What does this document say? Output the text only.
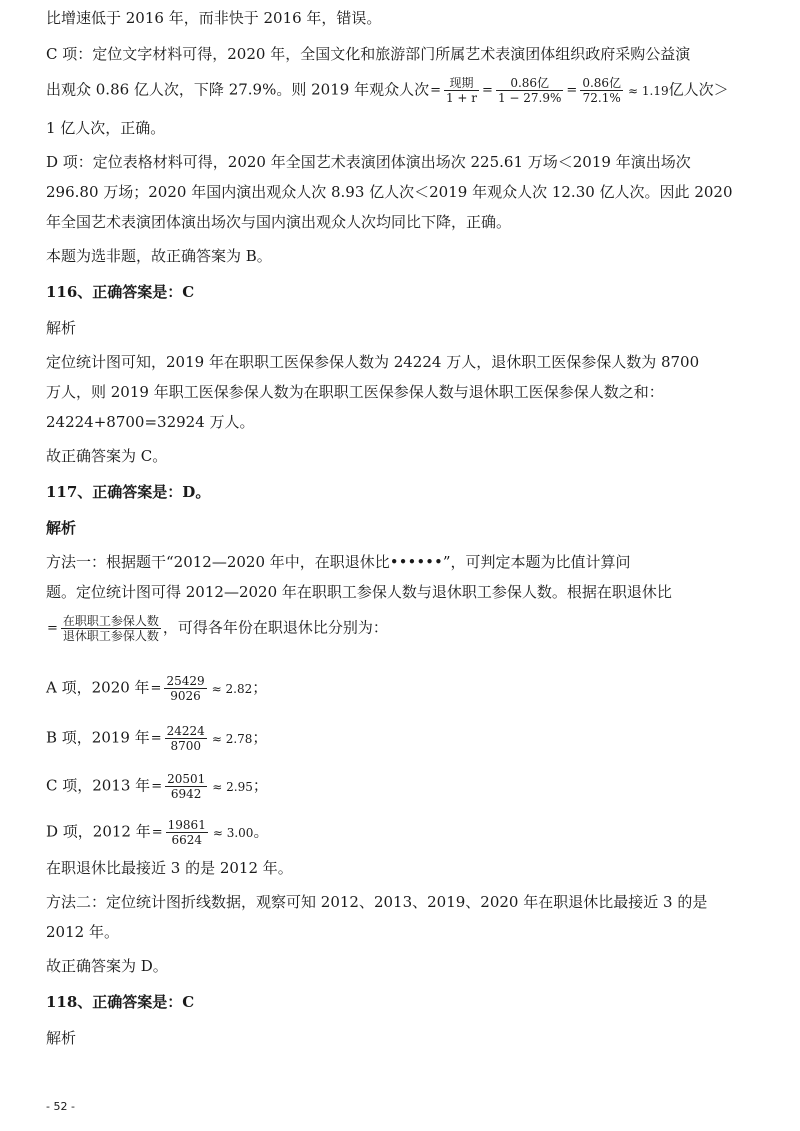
比增速低于 2016 年，而非快于 2016 年，错误。
C 项：定位文字材料可得，2020 年，全国文化和旅游部门所属艺术表演团体组织政府采购公益演
出观众 0.86 亿人次，下降 27.9%。则 2019 年观众人次= $\frac{\text{现期}}{1 + r} = \frac{\text{0.86亿}}{1 - 27.9\%} = \frac{\text{0.86亿}}{72.1\%} \approx 1.19$亿人次＞
1 亿人次，正确。
D 项：定位表格材料可得，2020 年全国艺术表演团体演出场次 225.61 万场＜2019 年演出场次
296.80 万场；2020 年国内演出观众人次 8.93 亿人次＜2019 年观众人次 12.30 亿人次。因此 2020
年全国艺术表演团体演出场次与国内演出观众人次均同比下降，正确。
本题为选非题，故正确答案为 B。
116、正确答案是：C
解析
定位统计图可知，2019 年在职职工医保参保人数为 24224 万人，退休职工医保参保人数为 8700
万人，则 2019 年职工医保参保人数为在职职工医保参保人数与退休职工医保参保人数之和：
24224+8700=32924 万人。
故正确答案为 C。
117、正确答案是：D。
解析
方法一：根据题干“2012—2020 年中，在职退休比••••••”，可判定本题为比值计算问
题。定位统计图可得 2012—2020 年在职职工参保人数与退休职工参保人数。根据在职退休比
= $\frac{\text{在职职工参保人数}}{\text{退休职工参保人数}}$ ，可得各年份在职退休比分别为：
A 项，2020 年= $\frac{25429}{9026} \approx 2.82$；
B 项，2019 年= $\frac{24224}{8700} \approx 2.78$；
C 项，2013 年= $\frac{20501}{6942} \approx 2.95$；
D 项，2012 年= $\frac{19861}{6624} \approx 3.00$。
在职退休比最接近 3 的是 2012 年。
方法二：定位统计图折线数据，观察可知 2012、2013、2019、2020 年在职退休比最接近 3 的是
2012 年。
故正确答案为 D。
118、正确答案是：C
解析
- 52 -
